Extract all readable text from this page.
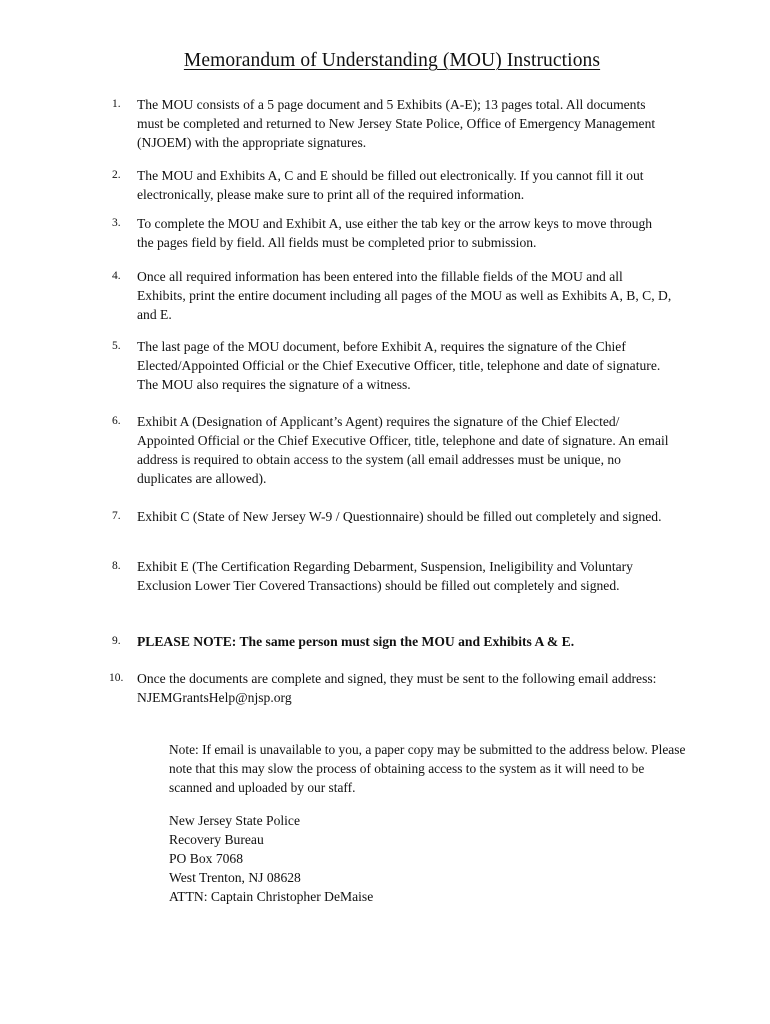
Memorandum of Understanding (MOU) Instructions
1.	The MOU consists of a 5 page document and 5 Exhibits (A-E); 13 pages total. All documents must be completed and returned to New Jersey State Police, Office of Emergency Management (NJOEM) with the appropriate signatures.
2.	The MOU and Exhibits A, C and E should be filled out electronically. If you cannot fill it out electronically, please make sure to print all of the required information.
3.	To complete the MOU and Exhibit A, use either the tab key or the arrow keys to move through the pages field by field. All fields must be completed prior to submission.
4.	Once all required information has been entered into the fillable fields of the MOU and all Exhibits, print the entire document including all pages of the MOU as well as Exhibits A, B, C, D, and E.
5.	The last page of the MOU document, before Exhibit A, requires the signature of the Chief Elected/Appointed Official or the Chief Executive Officer, title, telephone and date of signature. The MOU also requires the signature of a witness.
6.	Exhibit A (Designation of Applicant’s Agent) requires the signature of the Chief Elected/ Appointed Official or the Chief Executive Officer, title, telephone and date of signature. An email address is required to obtain access to the system (all email addresses must be unique, no duplicates are allowed).
7.	Exhibit C (State of New Jersey W-9 / Questionnaire) should be filled out completely and signed.
8.	Exhibit E (The Certification Regarding Debarment, Suspension, Ineligibility and Voluntary Exclusion Lower Tier Covered Transactions) should be filled out completely and signed.
9.	PLEASE NOTE: The same person must sign the MOU and Exhibits A & E.
10.	Once the documents are complete and signed, they must be sent to the following email address: NJEMGrantsHelp@njsp.org
Note: If email is unavailable to you, a paper copy may be submitted to the address below. Please note that this may slow the process of obtaining access to the system as it will need to be scanned and uploaded by our staff.
New Jersey State Police
Recovery Bureau
PO Box 7068
West Trenton, NJ 08628
ATTN: Captain Christopher DeMaise
